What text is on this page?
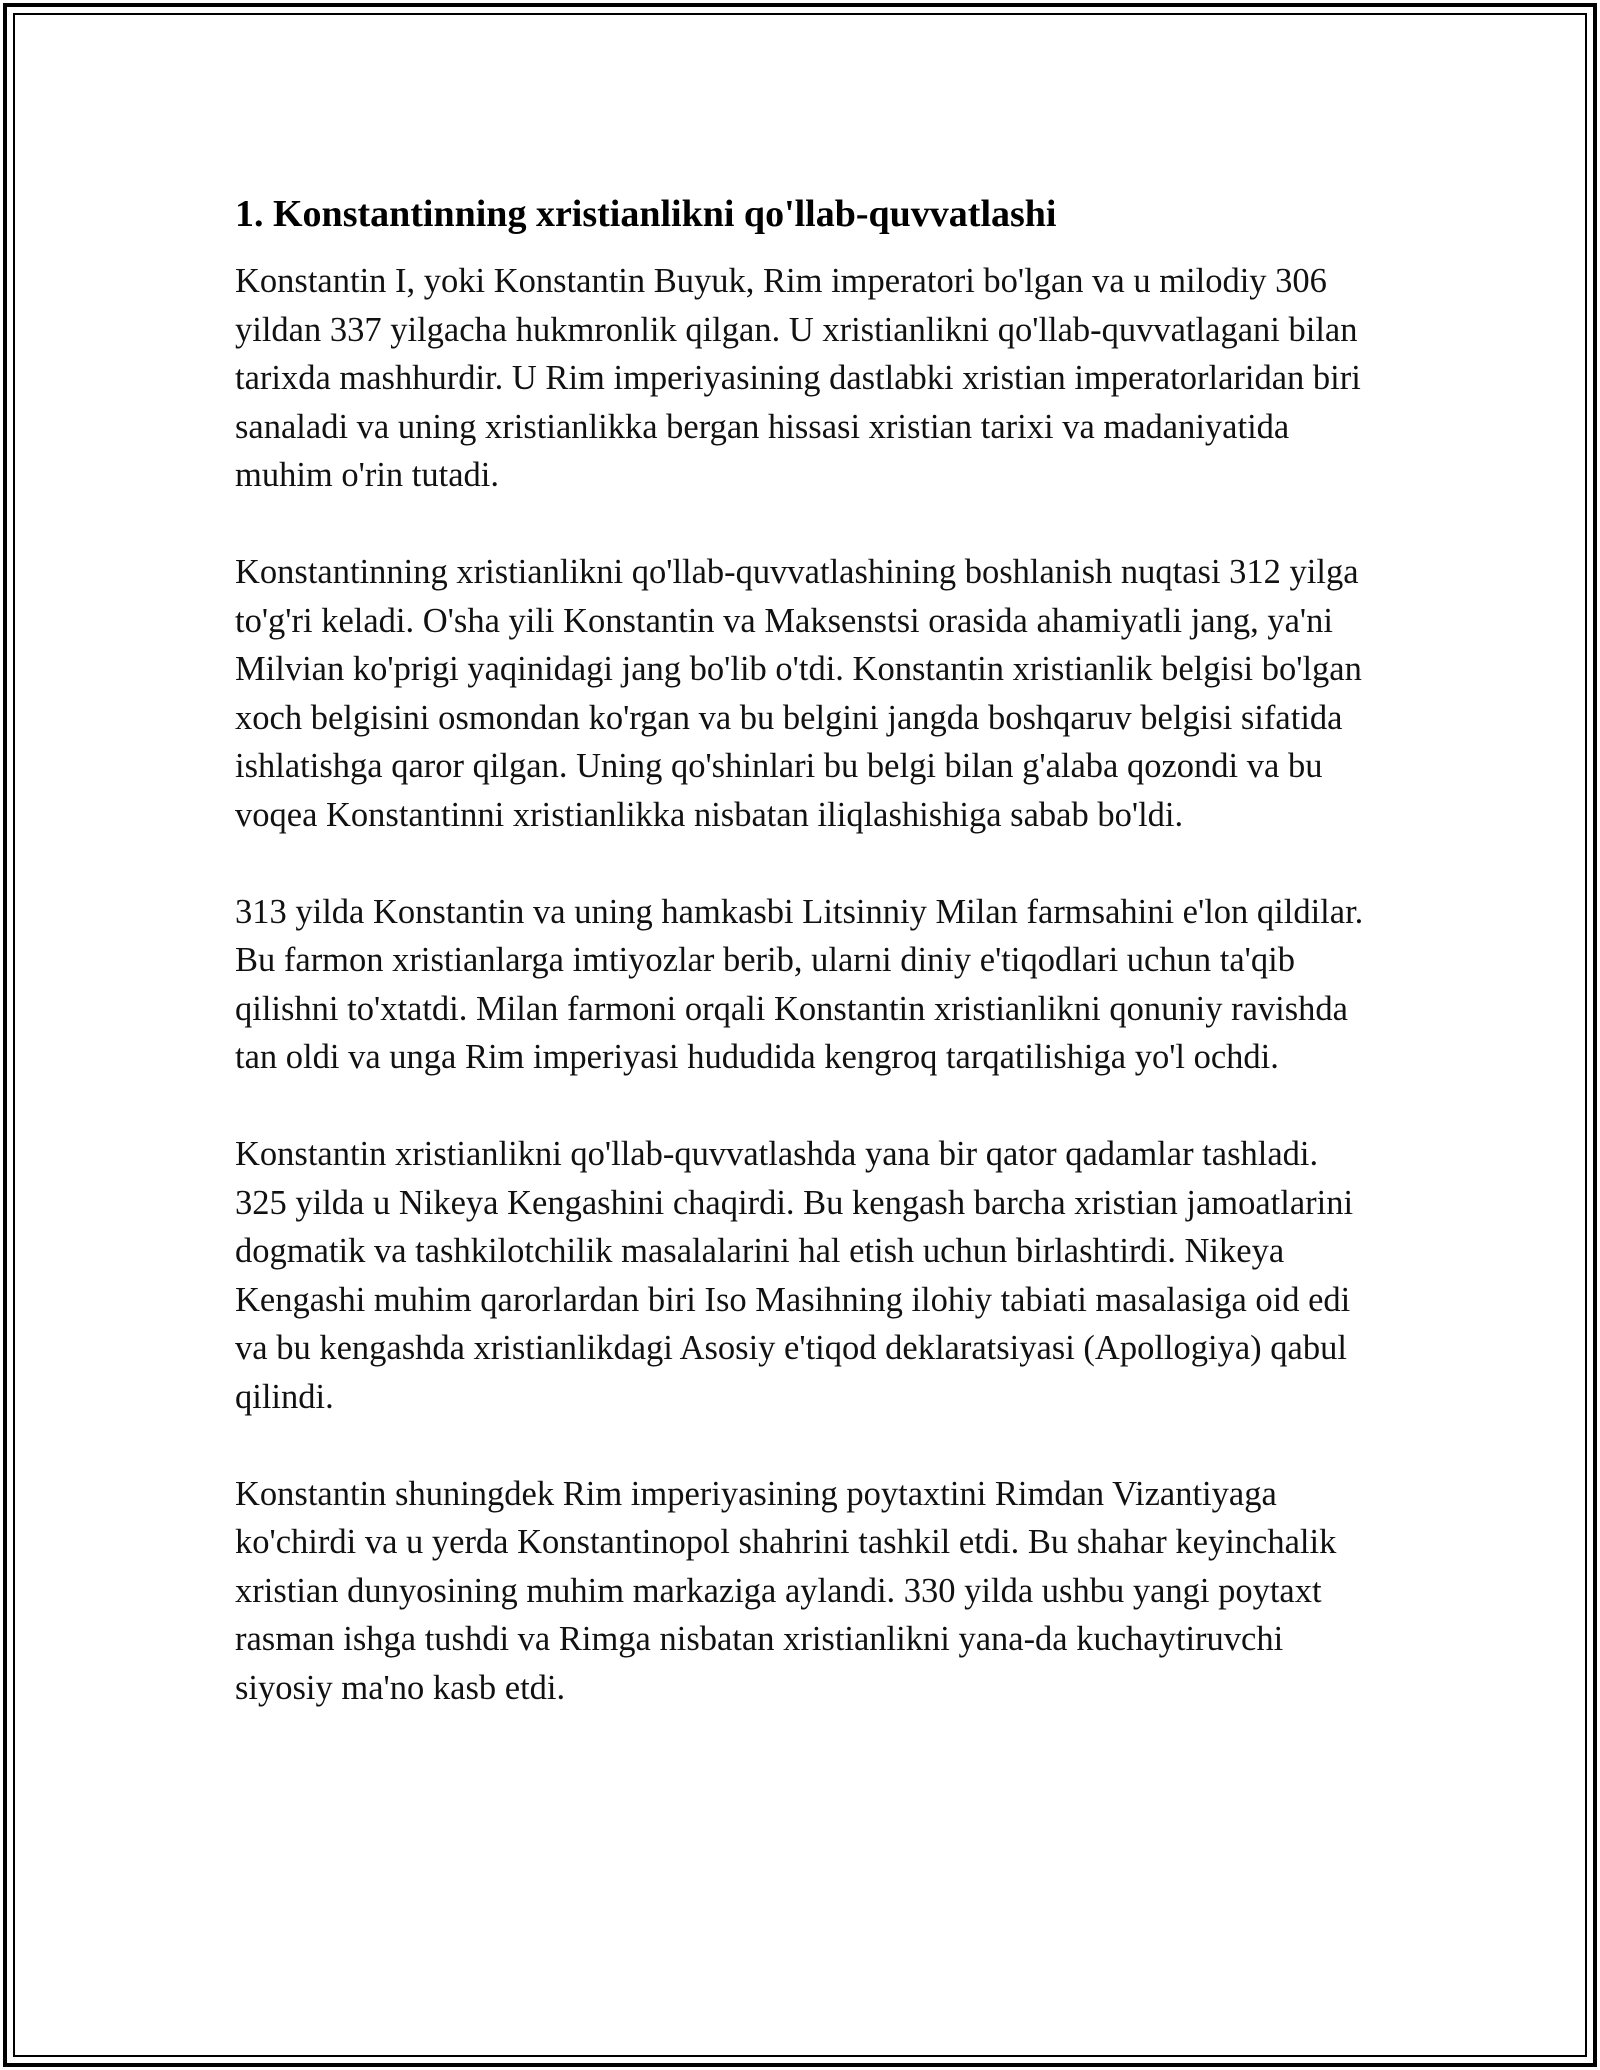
1. Konstantinning xristianlikni qo'llab-quvvatlashi

Konstantin I, yoki Konstantin Buyuk, Rim imperatori bo'lgan va u milodiy 306 yildan 337 yilgacha hukmronlik qilgan. U xristianlikni qo'llab-quvvatlagani bilan tarixda mashhurdir. U Rim imperiyasining dastlabki xristian imperatorlaridan biri sanaladi va uning xristianlikka bergan hissasi xristian tarixi va madaniyatida muhim o'rin tutadi.

Konstantinning xristianlikni qo'llab-quvvatlashining boshlanish nuqtasi 312 yilga to'g'ri keladi. O'sha yili Konstantin va Maksenstsi orasida ahamiyatli jang, ya'ni Milvian ko'prigi yaqinidagi jang bo'lib o'tdi. Konstantin xristianlik belgisi bo'lgan xoch belgisini osmondan ko'rgan va bu belgini jangda boshqaruv belgisi sifatida ishlatishga qaror qilgan. Uning qo'shinlari bu belgi bilan g'alaba qozondi va bu voqea Konstantinni xristianlikka nisbatan iliqlashishiga sabab bo'ldi.

313 yilda Konstantin va uning hamkasbi Litsinniy Milan farmsahini e'lon qildilar. Bu farmon xristianlarga imtiyozlar berib, ularni diniy e'tiqodlari uchun ta'qib qilishni to'xtatdi. Milan farmoni orqali Konstantin xristianlikni qonuniy ravishda tan oldi va unga Rim imperiyasi hududida kengroq tarqatilishiga yo'l ochdi.

Konstantin xristianlikni qo'llab-quvvatlashda yana bir qator qadamlar tashladi. 325 yilda u Nikeya Kengashini chaqirdi. Bu kengash barcha xristian jamoatlarini dogmatik va tashkilotchilik masalalarini hal etish uchun birlashtirdi. Nikeya Kengashi muhim qarorlardan biri Iso Masihning ilohiy tabiati masalasiga oid edi va bu kengashda xristianlikdagi Asosiy e'tiqod deklaratsiyasi (Apollogiya) qabul qilindi.

Konstantin shuningdek Rim imperiyasining poytaxtini Rimdan Vizantiyaga ko'chirdi va u yerda Konstantinopol shahrini tashkil etdi. Bu shahar keyinchalik xristian dunyosining muhim markaziga aylandi. 330 yilda ushbu yangi poytaxt rasman ishga tushdi va Rimga nisbatan xristianlikni yana-da kuchaytiruvchi siyosiy ma'no kasb etdi.
